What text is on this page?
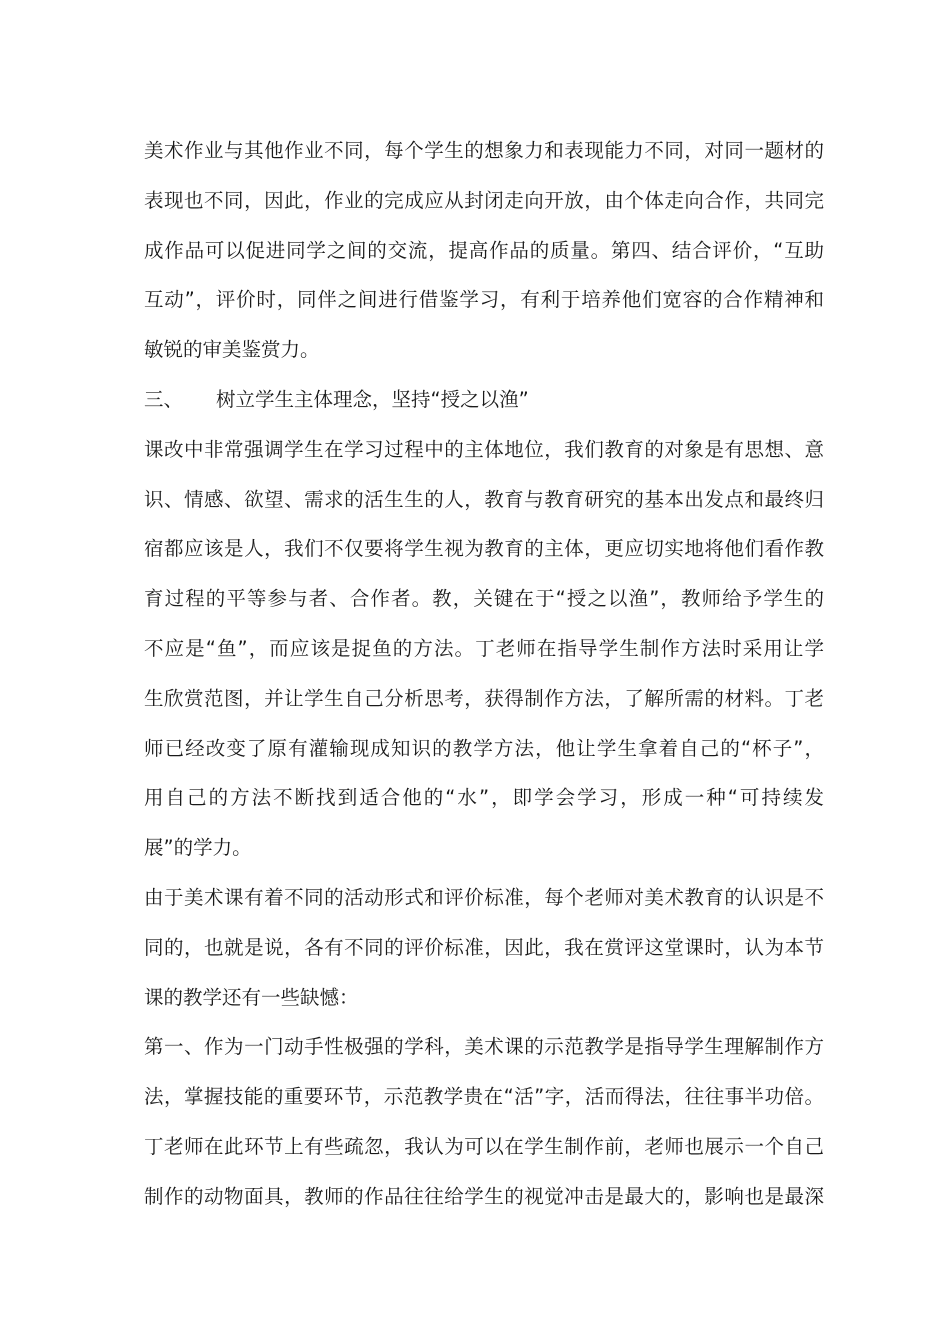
美术作业与其他作业不同，每个学生的想象力和表现能力不同，对同一题材的
表现也不同，因此，作业的完成应从封闭走向开放，由个体走向合作，共同完
成作品可以促进同学之间的交流，提高作品的质量。第四、结合评价，“互助
互动”，评价时，同伴之间进行借鉴学习，有利于培养他们宽容的合作精神和
敏锐的审美鉴赏力。
三、 树立学生主体理念，坚持“授之以渔”
课改中非常强调学生在学习过程中的主体地位，我们教育的对象是有思想、意
识、情感、欲望、需求的活生生的人，教育与教育研究的基本出发点和最终归
宿都应该是人，我们不仅要将学生视为教育的主体，更应切实地将他们看作教
育过程的平等参与者、合作者。教，关键在于“授之以渔”，教师给予学生的
不应是“鱼”，而应该是捉鱼的方法。丁老师在指导学生制作方法时采用让学
生欣赏范图，并让学生自己分析思考，获得制作方法，了解所需的材料。丁老
师已经改变了原有灌输现成知识的教学方法，他让学生拿着自己的“杯子”，
用自己的方法不断找到适合他的“水”，即学会学习，形成一种“可持续发
展”的学力。
由于美术课有着不同的活动形式和评价标准，每个老师对美术教育的认识是不
同的，也就是说，各有不同的评价标准，因此，我在赏评这堂课时，认为本节
课的教学还有一些缺憾：
第一、作为一门动手性极强的学科，美术课的示范教学是指导学生理解制作方
法，掌握技能的重要环节，示范教学贵在“活”字，活而得法，往往事半功倍。
丁老师在此环节上有些疏忽，我认为可以在学生制作前，老师也展示一个自己
制作的动物面具，教师的作品往往给学生的视觉冲击是最大的，影响也是最深
